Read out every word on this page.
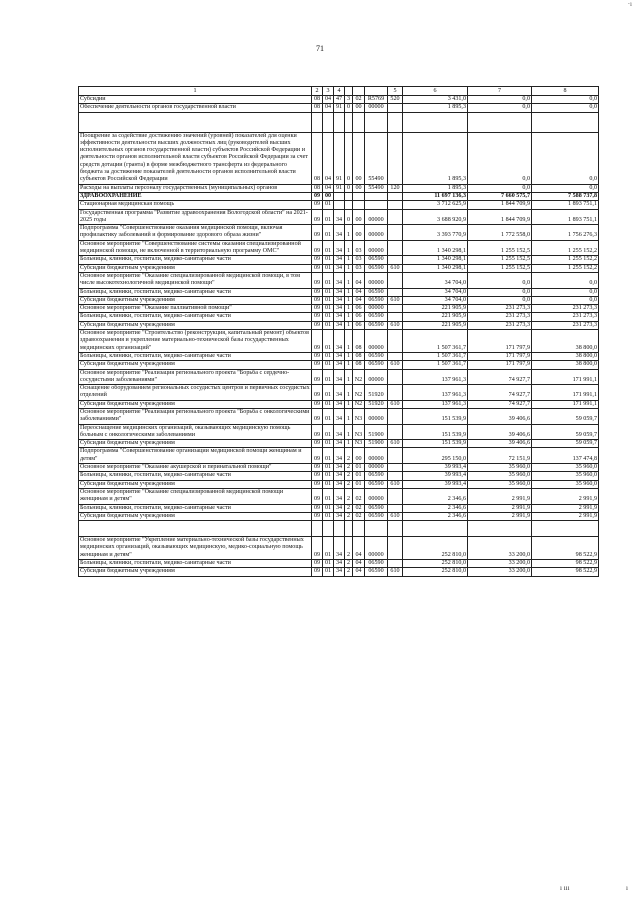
·ı
71
1	2	3	4				5	6	7	8
Субсидии	08	04	47	3	02	R5769	520	3 431,0	0,0	0,0
Обеспечение деятельности органов государственной власти	08	04	91	0	00	00000		1 895,3	0,0	0,0

Поощрение за содействие достижению значений (уровней) показателей для оценки эффективности деятельности высших должностных лиц (руководителей высших исполнительных органов государственной власти) субъектов Российской Федерации и деятельности органов исполнительной власти субъектов Российской Федерации за счет средств дотации (гранта) в форме межбюджетного трансферта из федерального бюджета за достижение показателей деятельности органов исполнительной власти субъектов Российской Федерации	08	04	91	0	00	55490		1 895,3	0,0	0,0
Расходы на выплаты персоналу государственных (муниципальных) органов	08	04	91	0	00	55490	120	1 895,3	0,0	0,0
ЗДРАВООХРАНЕНИЕ	09	00						11 697 136,3	7 660 575,7	7 588 737,8
Стационарная медицинская помощь	09	01						3 712 625,9	1 844 709,9	1 893 751,1
Государственная программа "Развитие здравоохранения Вологодской области" на 2021-2025 годы	09	01	34	0	00	00000		3 688 920,9	1 844 709,9	1 893 751,1
Подпрограмма "Совершенствование оказания медицинской помощи, включая профилактику заболеваний и формирование здорового образа жизни"	09	01	34	1	00	00000		3 393 770,9	1 772 558,0	1 756 276,3
Основное мероприятие "Совершенствование системы оказания специализированной медицинской помощи, не включенной в территориальную программу ОМС"	09	01	34	1	03	00000		1 340 298,1	1 255 152,5	1 255 152,2
Больницы, клиники, госпитали, медико-санитарные части	09	01	34	1	03	06590		1 340 298,1	1 255 152,5	1 255 152,2
Субсидии бюджетным учреждениям	09	01	34	1	03	06590	610	1 340 298,1	1 255 152,5	1 255 152,2
Основное мероприятие "Оказание специализированной медицинской помощи, в том числе высокотехнологичной медицинской помощи"	09	01	34	1	04	00000		34 704,0	0,0	0,0
Больницы, клиники, госпитали, медико-санитарные части	09	01	34	1	04	06590		34 704,0	0,0	0,0
Субсидии бюджетным учреждениям	09	01	34	1	04	06590	610	34 704,0	0,0	0,0
Основное мероприятие "Оказание паллиативной помощи"	09	01	34	1	06	00000		221 905,9	231 273,3	231 273,3
Больницы, клиники, госпитали, медико-санитарные части	09	01	34	1	06	06590		221 905,9	231 273,3	231 273,3
Субсидии бюджетным учреждениям	09	01	34	1	06	06590	610	221 905,9	231 273,3	231 273,3
Основное мероприятие "Строительство (реконструкция, капитальный ремонт) объектов здравоохранения и укрепление материально-технической базы государственных медицинских организаций"	09	01	34	1	08	00000		1 507 361,7	171 797,9	38 800,0
Больницы, клиники, госпитали, медико-санитарные части	09	01	34	1	08	06590		1 507 361,7	171 797,9	38 800,0
Субсидии бюджетным учреждениям	09	01	34	1	08	06590	610	1 507 361,7	171 797,9	38 800,0
Основное мероприятие "Реализация регионального проекта "Борьба с сердечно-сосудистыми заболеваниями"	09	01	34	1	N2	00000		137 961,3	74 927,7	171 991,1
Оснащение оборудованием региональных сосудистых центров и первичных сосудистых отделений	09	01	34	1	N2	51920		137 961,3	74 927,7	171 991,1
Субсидии бюджетным учреждениям	09	01	34	1	N2	51920	610	137 961,3	74 927,7	171 991,1
Основное мероприятие "Реализация регионального проекта "Борьба с онкологическими заболеваниями"	09	01	34	1	N3	00000		151 539,9	39 406,6	59 059,7
Переоснащение медицинских организаций, оказывающих медицинскую помощь больным с онкологическими заболеваниями	09	01	34	1	N3	51900		151 539,9	39 406,6	59 059,7
Субсидии бюджетным учреждениям	09	01	34	1	N3	51900	610	151 539,9	39 406,6	59 059,7
Подпрограмма "Совершенствование организации медицинской помощи женщинам и детям"	09	01	34	2	00	00000		295 150,0	72 151,9	137 474,8
Основное мероприятие "Оказание акушерской и перинатальной помощи"	09	01	34	2	01	00000		39 993,4	35 960,0	35 960,0
Больницы, клиники, госпитали, медико-санитарные части	09	01	34	2	01	06590		39 993,4	35 960,0	35 960,0
Субсидии бюджетным учреждениям	09	01	34	2	01	06590	610	39 993,4	35 960,0	35 960,0
Основное мероприятие "Оказание специализированной медицинской помощи женщинам и детям"	09	01	34	2	02	00000		2 346,6	2 991,9	2 991,9
Больницы, клиники, госпитали, медико-санитарные части	09	01	34	2	02	06590		2 346,6	2 991,9	2 991,9
Субсидии бюджетным учреждениям	09	01	34	2	02	06590	610	2 346,6	2 991,9	2 991,9

Основное мероприятие "Укрепление материально-технической базы государственных медицинских организаций, оказывающих медицинскую, медико-социальную помощь женщинам и детям"	09	01	34	2	04	00000		252 810,0	33 200,0	98 522,9
Больницы, клиники, госпитали, медико-санитарные части	09	01	34	2	04	06590		252 810,0	33 200,0	98 522,9
Субсидии бюджетным учреждениям	09	01	34	2	04	06590	610	252 810,0	33 200,0	98 522,9
ı ııı	ı
